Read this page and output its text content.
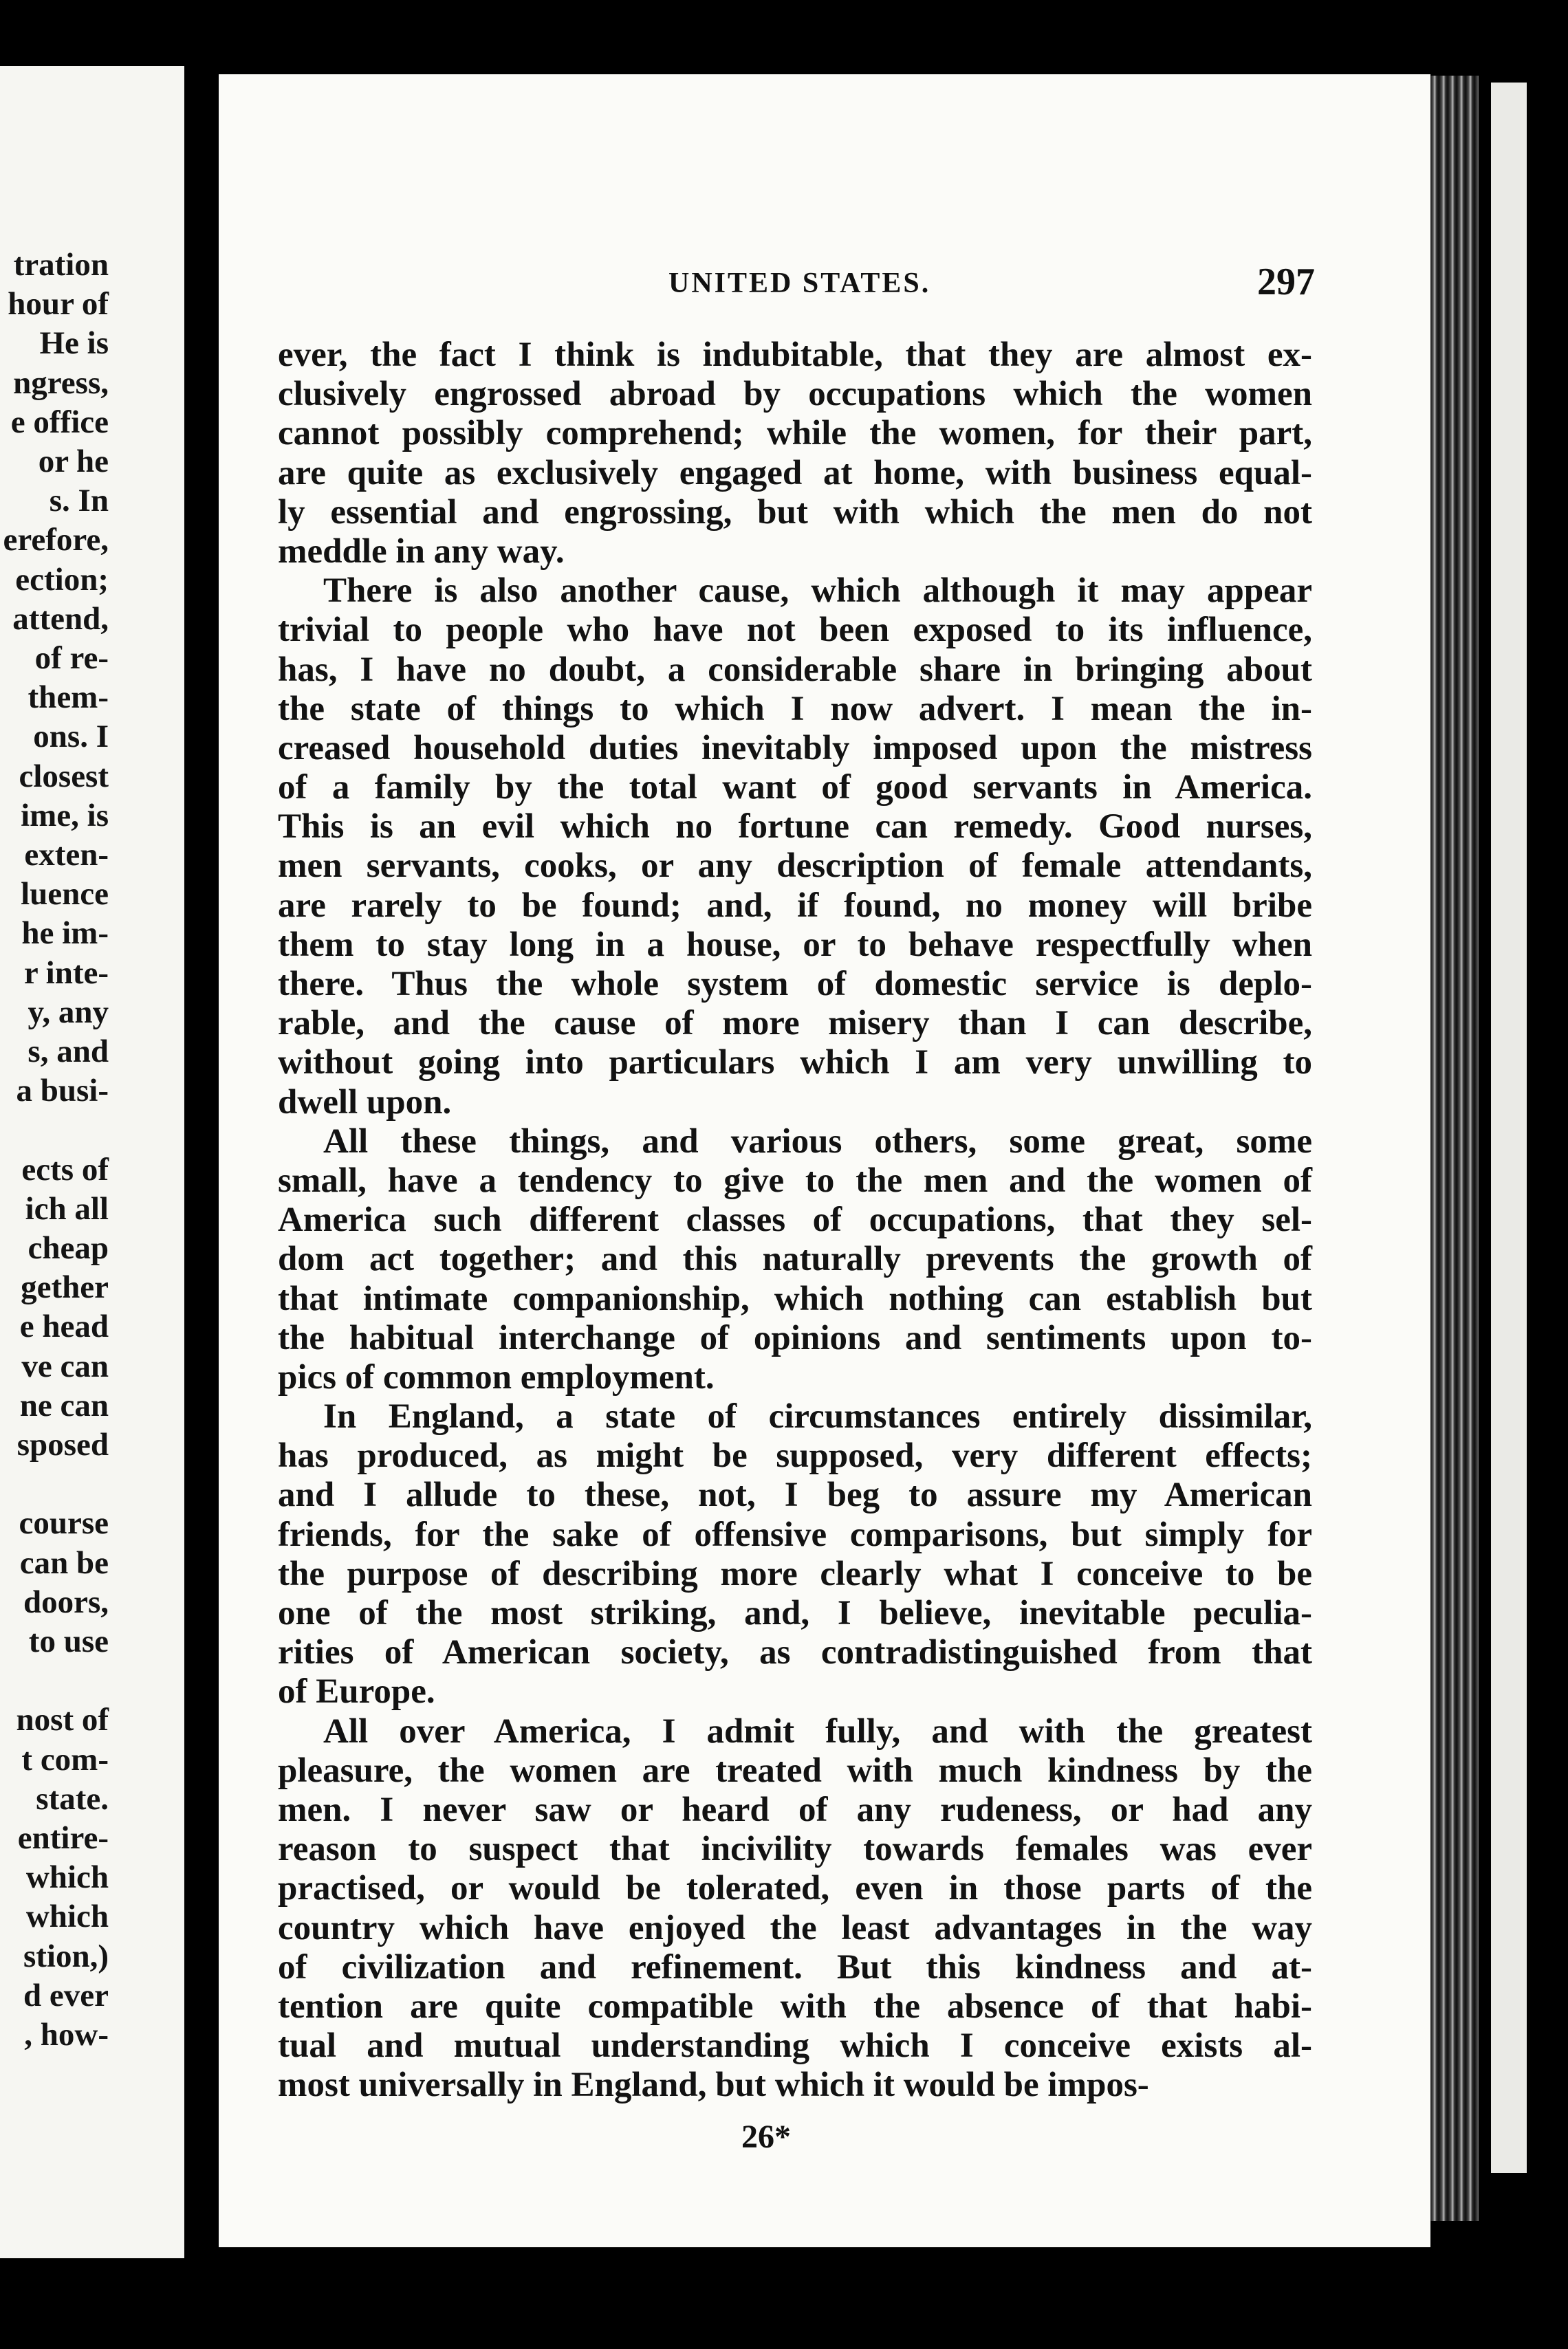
tration
hour of
He is
ngress,
e office
or he
s. In
erefore,
ection;
attend,
of re-
them-
ons. I
closest
ime, is
exten-
luence
he im-
r inte-
y, any
s, and
a busi-
ects of
ich all
cheap
gether
e head
ve can
ne can
sposed
course
can be
doors,
to use
nost of
t com-
state.
entire-
which
which
stion,)
d ever
, how-
UNITED STATES.	297
ever, the fact I think is indubitable, that they are almost ex-
clusively engrossed abroad by occupations which the women
cannot possibly comprehend; while the women, for their part,
are quite as exclusively engaged at home, with business equal-
ly essential and engrossing, but with which the men do not
meddle in any way.
There is also another cause, which although it may appear
trivial to people who have not been exposed to its influence,
has, I have no doubt, a considerable share in bringing about
the state of things to which I now advert. I mean the in-
creased household duties inevitably imposed upon the mistress
of a family by the total want of good servants in America.
This is an evil which no fortune can remedy. Good nurses,
men servants, cooks, or any description of female attendants,
are rarely to be found; and, if found, no money will bribe
them to stay long in a house, or to behave respectfully when
there. Thus the whole system of domestic service is deplo-
rable, and the cause of more misery than I can describe,
without going into particulars which I am very unwilling to
dwell upon.
All these things, and various others, some great, some
small, have a tendency to give to the men and the women of
America such different classes of occupations, that they sel-
dom act together; and this naturally prevents the growth of
that intimate companionship, which nothing can establish but
the habitual interchange of opinions and sentiments upon to-
pics of common employment.
In England, a state of circumstances entirely dissimilar,
has produced, as might be supposed, very different effects;
and I allude to these, not, I beg to assure my American
friends, for the sake of offensive comparisons, but simply for
the purpose of describing more clearly what I conceive to be
one of the most striking, and, I believe, inevitable peculia-
rities of American society, as contradistinguished from that
of Europe.
All over America, I admit fully, and with the greatest
pleasure, the women are treated with much kindness by the
men. I never saw or heard of any rudeness, or had any
reason to suspect that incivility towards females was ever
practised, or would be tolerated, even in those parts of the
country which have enjoyed the least advantages in the way
of civilization and refinement. But this kindness and at-
tention are quite compatible with the absence of that habi-
tual and mutual understanding which I conceive exists al-
most universally in England, but which it would be impos-
26*
